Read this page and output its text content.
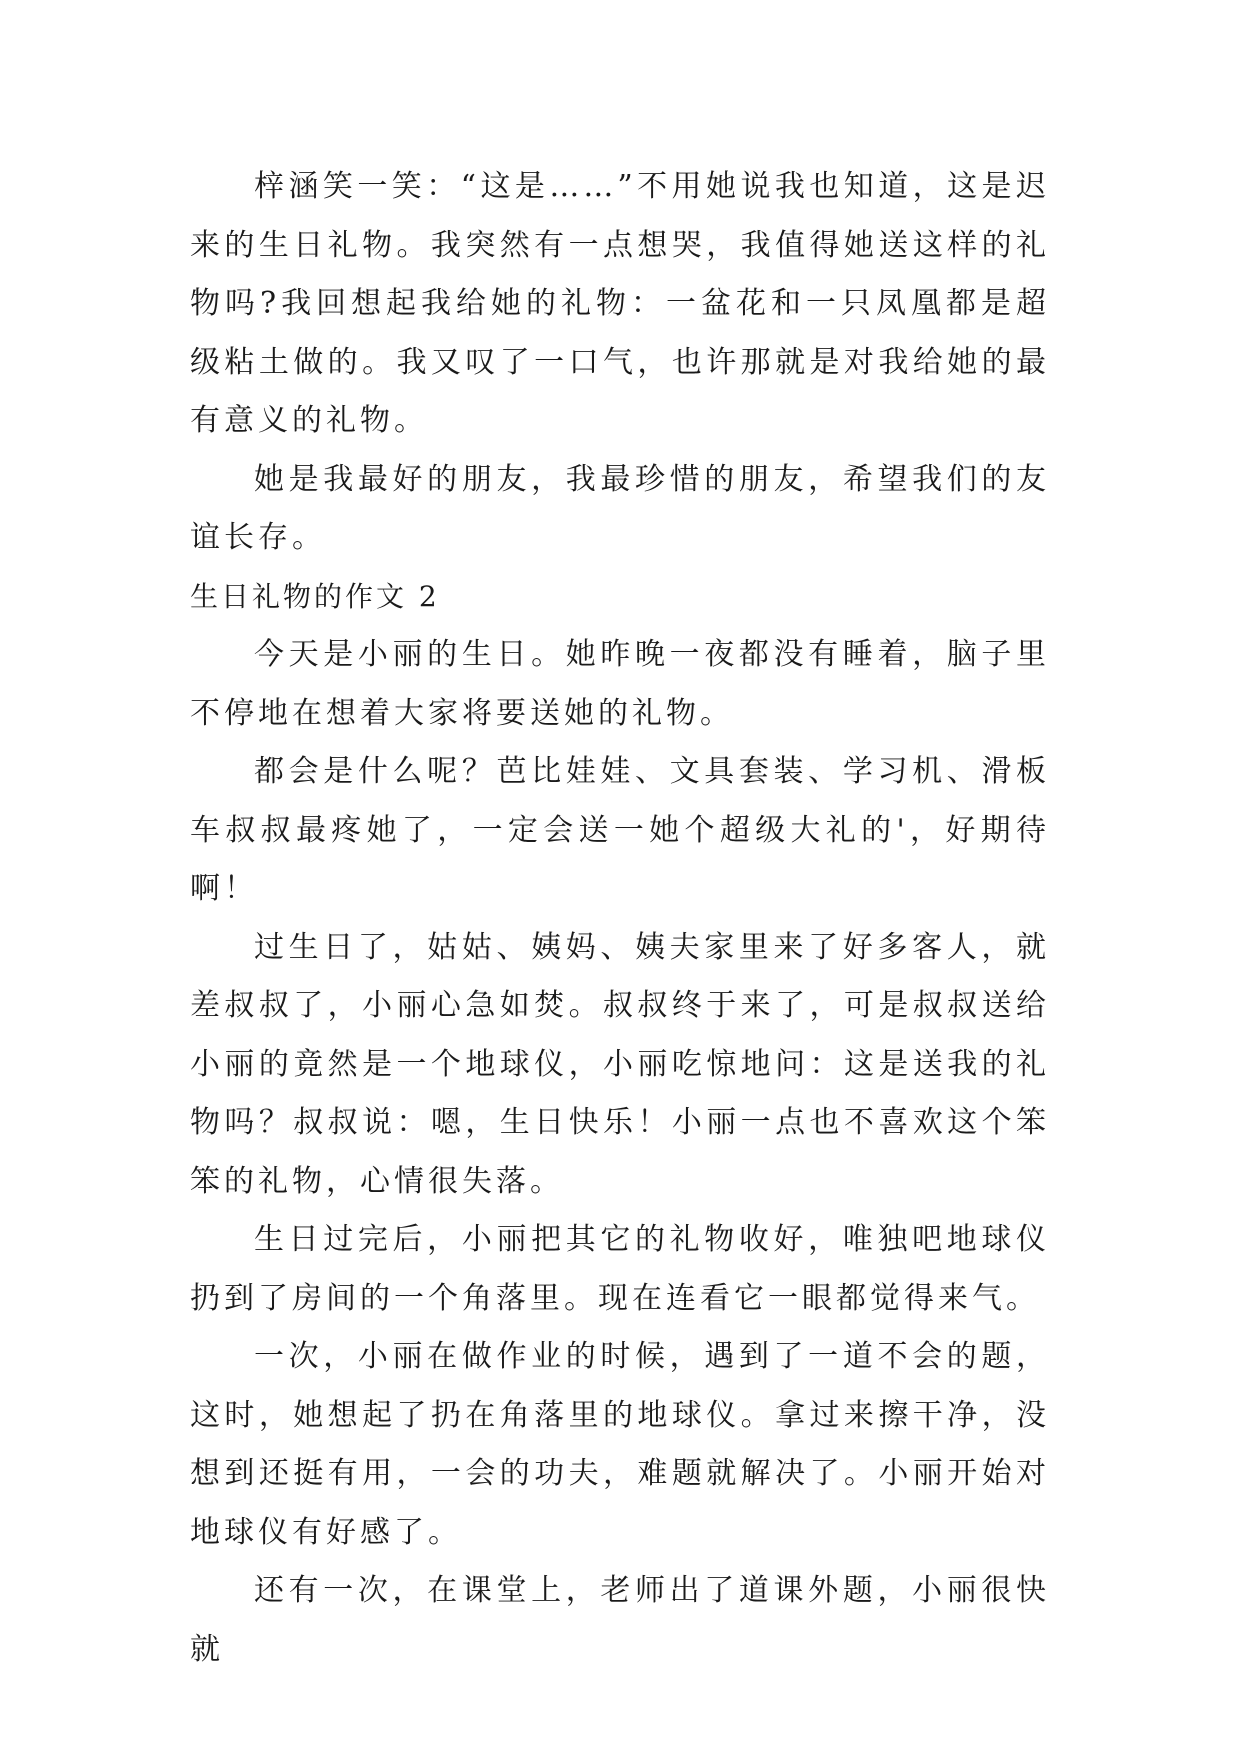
梓涵笑一笑：“这是……”不用她说我也知道，这是迟来的生日礼物。我突然有一点想哭，我值得她送这样的礼物吗?我回想起我给她的礼物：一盆花和一只凤凰都是超级粘土做的。我又叹了一口气，也许那就是对我给她的最有意义的礼物。

她是我最好的朋友，我最珍惜的朋友，希望我们的友谊长存。

生日礼物的作文 2

今天是小丽的生日。她昨晚一夜都没有睡着，脑子里不停地在想着大家将要送她的礼物。

都会是什么呢？芭比娃娃、文具套装、学习机、滑板车叔叔最疼她了，一定会送一她个超级大礼的'，好期待啊！

过生日了，姑姑、姨妈、姨夫家里来了好多客人，就差叔叔了，小丽心急如焚。叔叔终于来了，可是叔叔送给小丽的竟然是一个地球仪，小丽吃惊地问：这是送我的礼物吗？叔叔说：嗯，生日快乐！小丽一点也不喜欢这个笨笨的礼物，心情很失落。

生日过完后，小丽把其它的礼物收好，唯独吧地球仪扔到了房间的一个角落里。现在连看它一眼都觉得来气。

一次，小丽在做作业的时候，遇到了一道不会的题，这时，她想起了扔在角落里的地球仪。拿过来擦干净，没想到还挺有用，一会的功夫，难题就解决了。小丽开始对地球仪有好感了。

还有一次，在课堂上，老师出了道课外题，小丽很快就
